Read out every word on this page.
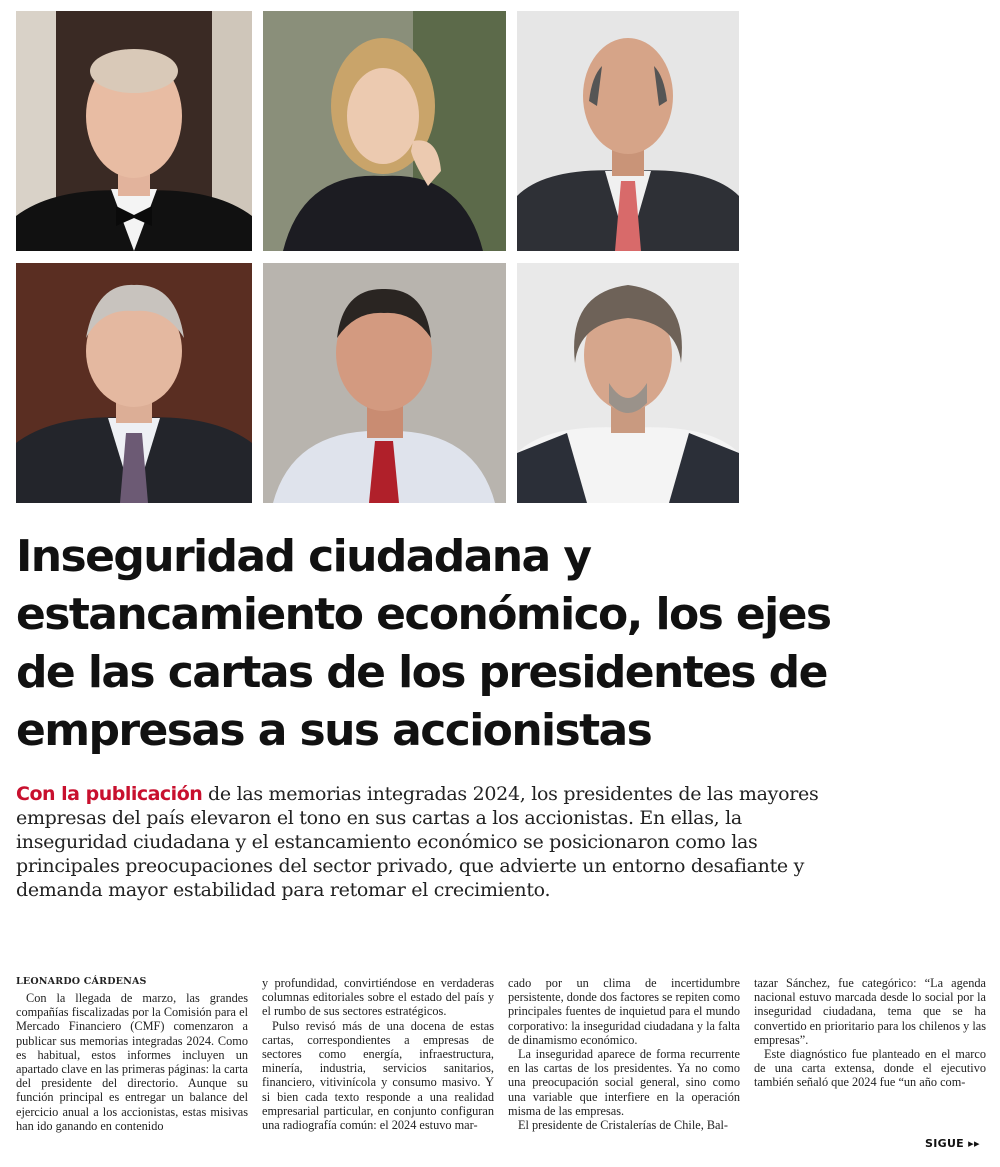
Inseguridad ciudadana y
estancamiento económico, los ejes
de las cartas de los presidentes de
empresas a sus accionistas

Con la publicación de las memorias integradas 2024, los presidentes de las mayores empresas del país elevaron el tono en sus cartas a los accionistas. En ellas, la inseguridad ciudadana y el estancamiento económico se posicionaron como las principales preocupaciones del sector privado, que advierte un entorno desafiante y demanda mayor estabilidad para retomar el crecimiento.

LEONARDO CÁRDENAS

Con la llegada de marzo, las grandes compañías fiscalizadas por la Comisión para el Mercado Financiero (CMF) comenzaron a publicar sus memorias integradas 2024. Como es habitual, estos informes incluyen un apartado clave en las primeras páginas: la carta del presidente del directorio. Aunque su función principal es entregar un balance del ejercicio anual a los accionistas, estas misivas han ido ganando en contenido

y profundidad, convirtiéndose en verdaderas columnas editoriales sobre el estado del país y el rumbo de sus sectores estratégicos.

Pulso revisó más de una docena de estas cartas, correspondientes a empresas de sectores como energía, infraestructura, minería, industria, servicios sanitarios, financiero, vitivinícola y consumo masivo. Y si bien cada texto responde a una realidad empresarial particular, en conjunto configuran una radiografía común: el 2024 estuvo mar-

cado por un clima de incertidumbre persistente, donde dos factores se repiten como principales fuentes de inquietud para el mundo corporativo: la inseguridad ciudadana y la falta de dinamismo económico.

La inseguridad aparece de forma recurrente en las cartas de los presidentes. Ya no como una preocupación social general, sino como una variable que interfiere en la operación misma de las empresas.

El presidente de Cristalerías de Chile, Bal-

tazar Sánchez, fue categórico: “La agenda nacional estuvo marcada desde lo social por la inseguridad ciudadana, tema que se ha convertido en prioritario para los chilenos y las empresas”.

Este diagnóstico fue planteado en el marco de una carta extensa, donde el ejecutivo también señaló que 2024 fue “un año com-

SIGUE ▸▸
